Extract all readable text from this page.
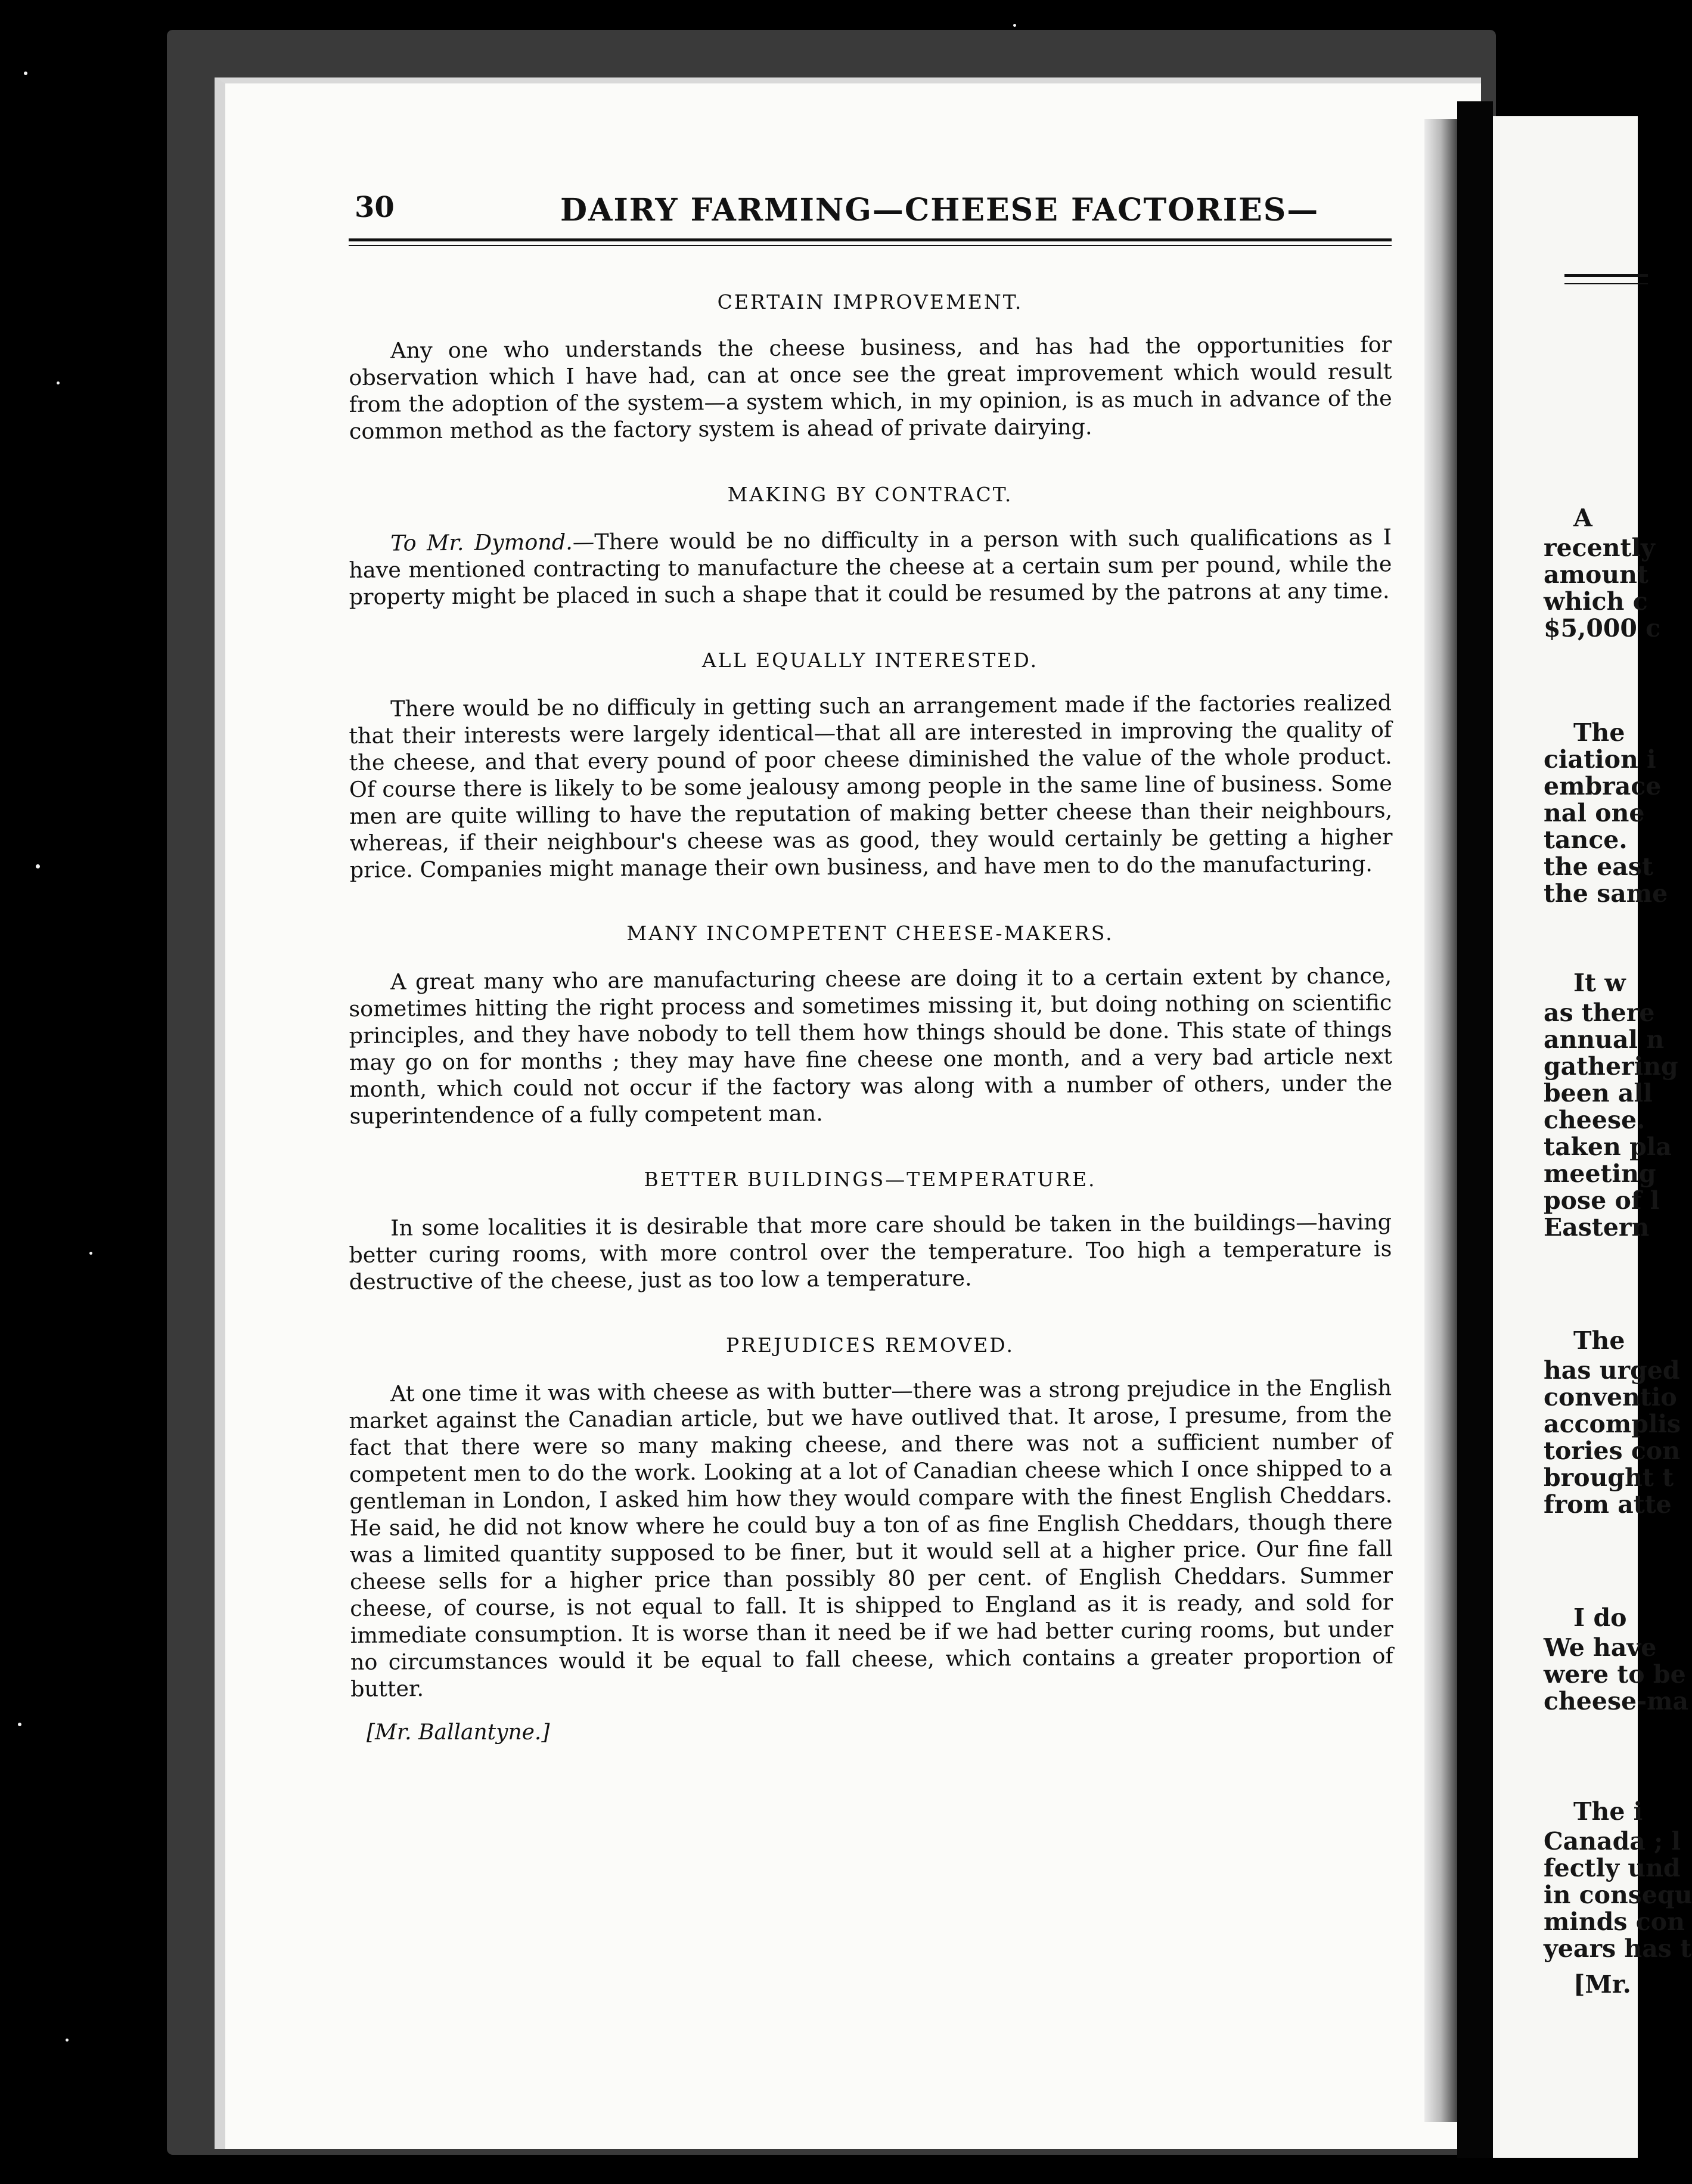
A
recently
amount
which c
$5,000 c
The
ciation i
embrace
nal one
tance.
the east
the same
It w
as there
annual n
gathering
been all
cheese.
taken pla
meeting
pose of l
Eastern
The
has urged
conventio
accomplis
tories con
brought t
from atte
I do
We have
were to be
cheese-ma
The i
Canada ; l
fectly und
in consequ
minds con
years has t
[Mr.
30	DAIRY FARMING—CHEESE FACTORIES—
CERTAIN IMPROVEMENT.

Any one who understands the cheese business, and has had the opportunities for observation which I have had, can at once see the great improvement which would result from the adoption of the system—a system which, in my opinion, is as much in advance of the common method as the factory system is ahead of private dairying.

MAKING BY CONTRACT.

To Mr. Dymond.—There would be no difficulty in a person with such qualifications as I have mentioned contracting to manufacture the cheese at a certain sum per pound, while the property might be placed in such a shape that it could be resumed by the patrons at any time.

ALL EQUALLY INTERESTED.

There would be no difficuly in getting such an arrangement made if the factories realized that their interests were largely identical—that all are interested in improving the quality of the cheese, and that every pound of poor cheese diminished the value of the whole product. Of course there is likely to be some jealousy among people in the same line of business. Some men are quite willing to have the reputation of making better cheese than their neighbours, whereas, if their neighbour's cheese was as good, they would certainly be getting a higher price. Companies might manage their own business, and have men to do the manufacturing.

MANY INCOMPETENT CHEESE-MAKERS.

A great many who are manufacturing cheese are doing it to a certain extent by chance, sometimes hitting the right process and sometimes missing it, but doing nothing on scientific principles, and they have nobody to tell them how things should be done. This state of things may go on for months ; they may have fine cheese one month, and a very bad article next month, which could not occur if the factory was along with a number of others, under the superintendence of a fully competent man.

BETTER BUILDINGS—TEMPERATURE.

In some localities it is desirable that more care should be taken in the buildings—having better curing rooms, with more control over the temperature. Too high a temperature is destructive of the cheese, just as too low a temperature.

PREJUDICES REMOVED.

At one time it was with cheese as with butter—there was a strong prejudice in the English market against the Canadian article, but we have outlived that. It arose, I presume, from the fact that there were so many making cheese, and there was not a sufficient number of competent men to do the work. Looking at a lot of Canadian cheese which I once shipped to a gentleman in London, I asked him how they would compare with the finest English Cheddars. He said, he did not know where he could buy a ton of as fine English Cheddars, though there was a limited quantity supposed to be finer, but it would sell at a higher price. Our fine fall cheese sells for a higher price than possibly 80 per cent. of English Cheddars. Summer cheese, of course, is not equal to fall. It is shipped to England as it is ready, and sold for immediate consumption. It is worse than it need be if we had better curing rooms, but under no circumstances would it be equal to fall cheese, which contains a greater proportion of butter.

[Mr. Ballantyne.]
